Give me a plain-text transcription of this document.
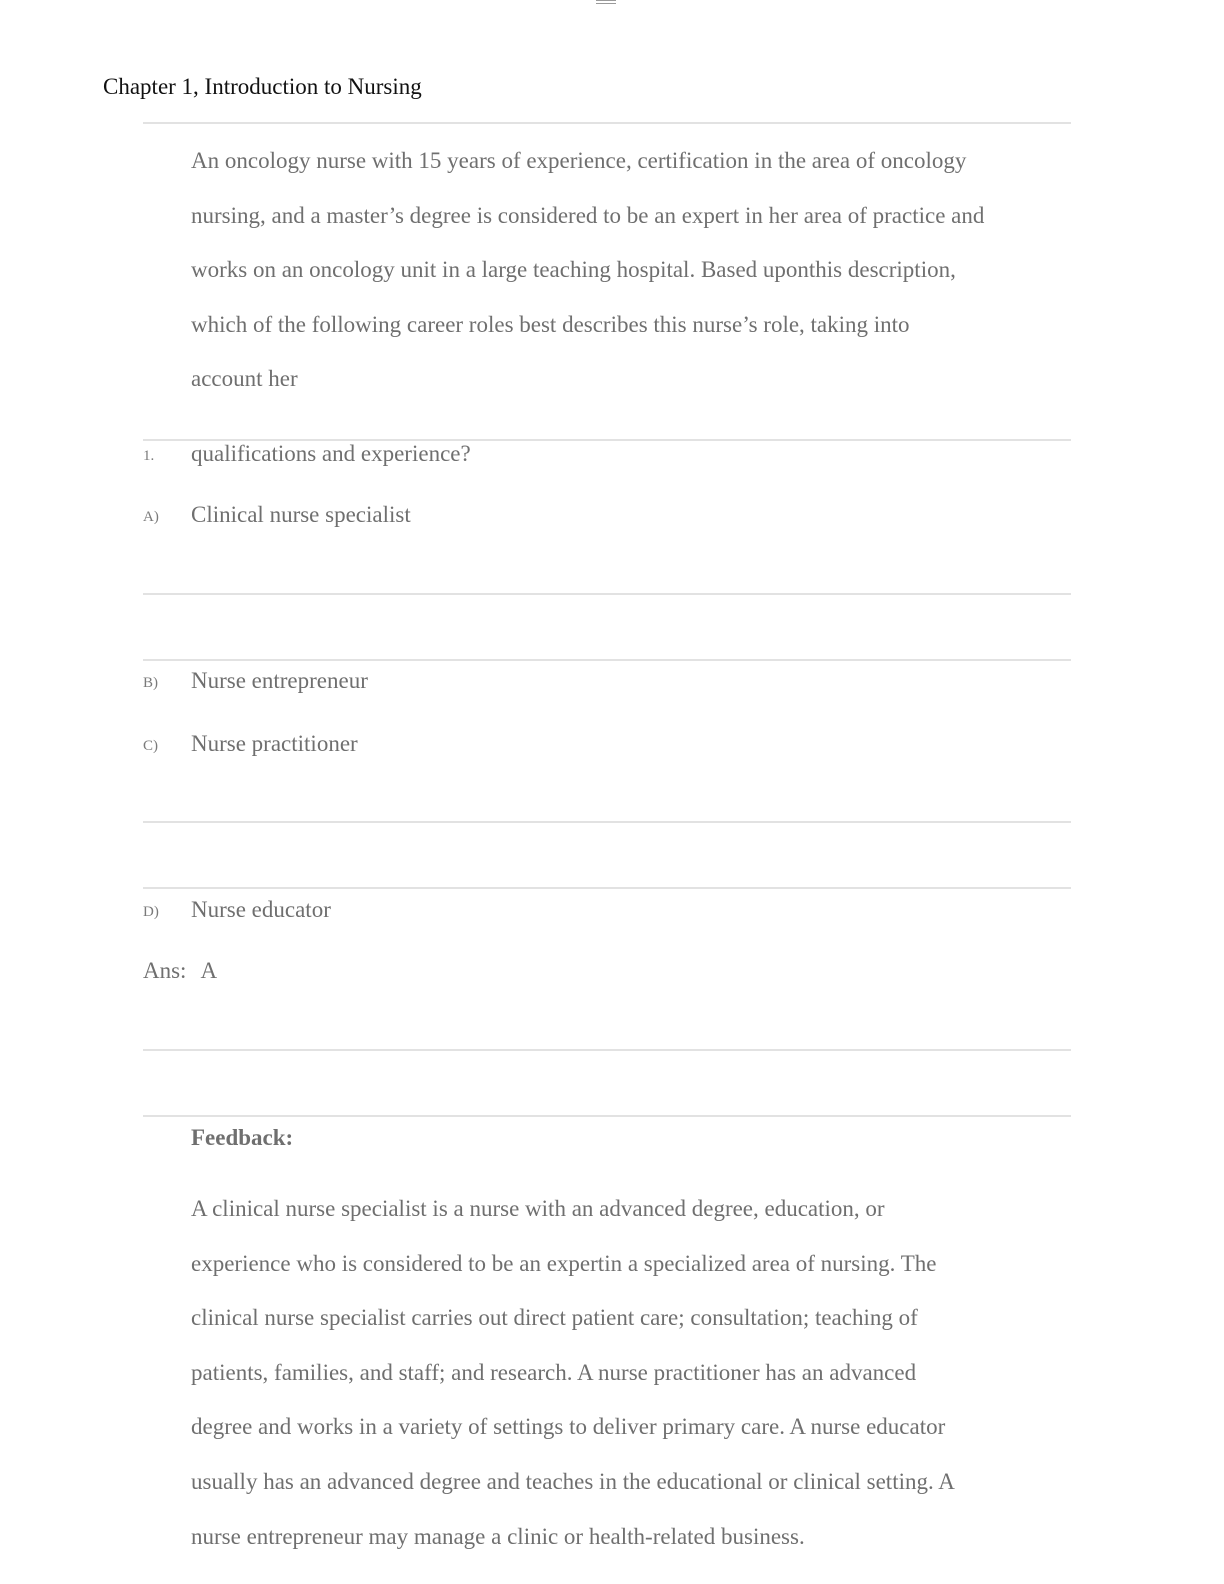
Chapter 1, Introduction to Nursing

An oncology nurse with 15 years of experience, certification in the area of oncology
nursing, and a master’s degree is considered to be an expert in her area of practice and
works on an oncology unit in a large teaching hospital. Based uponthis description,
which of the following career roles best describes this nurse’s role, taking into
account her

1. qualifications and experience?
A) Clinical nurse specialist
B) Nurse entrepreneur
C) Nurse practitioner
D) Nurse educator
Ans: A
Feedback:

A clinical nurse specialist is a nurse with an advanced degree, education, or
experience who is considered to be an expertin a specialized area of nursing. The
clinical nurse specialist carries out direct patient care; consultation; teaching of
patients, families, and staff; and research. A nurse practitioner has an advanced
degree and works in a variety of settings to deliver primary care. A nurse educator
usually has an advanced degree and teaches in the educational or clinical setting. A
nurse entrepreneur may manage a clinic or health-related business.
